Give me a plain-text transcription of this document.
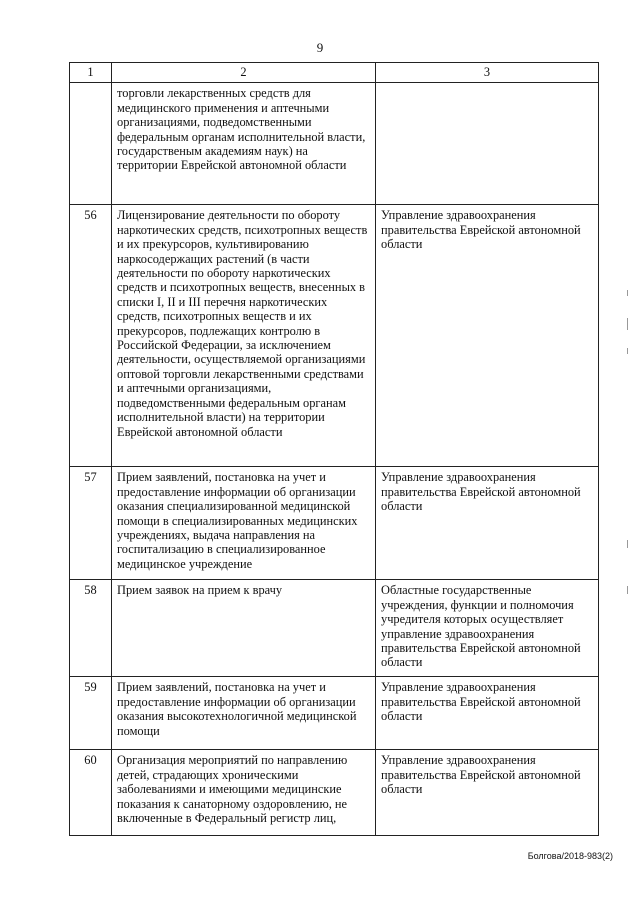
9
1	2	3
	торговли лекарственных средств для медицинского применения и аптечными организациями, подведомственными федеральным органам исполнительной власти, государственым академиям наук) на территории Еврейской автономной области	
56	Лицензирование деятельности по обороту наркотических средств, психотропных веществ и их прекурсоров, культивированию наркосодержащих растений (в части деятельности по обороту наркотических средств и психотропных веществ, внесенных в списки I, II и III перечня наркотических средств, психотропных веществ и их прекурсоров, подлежащих контролю в Российской Федерации, за исключением деятельности, осуществляемой организациями оптовой торговли лекарственными средствами и аптечными организациями, подведомственными федеральным органам исполнительной власти) на территории Еврейской автономной области	Управление здравоохранения правительства Еврейской автономной области
57	Прием заявлений, постановка на учет и предоставление информации об организации оказания специализированной медицинской помощи в специализированных медицинских учреждениях, выдача направления на госпитализацию в специализированное медицинское учреждение	Управление здравоохранения правительства Еврейской автономной области
58	Прием заявок на прием к врачу	Областные государственные учреждения, функции и полномочия учредителя которых осуществляет управление здравоохранения правительства Еврейской автономной области
59	Прием заявлений, постановка на учет и предоставление информации об организации оказания высокотехнологичной медицинской помощи	Управление здравоохранения правительства Еврейской автономной области
60	Организация мероприятий по направлению детей, страдающих хроническими заболеваниями и имеющими медицинские показания к санаторному оздоровлению, не включенные в Федеральный регистр лиц,	Управление здравоохранения правительства Еврейской автономной области
Болгова/2018-983(2)
